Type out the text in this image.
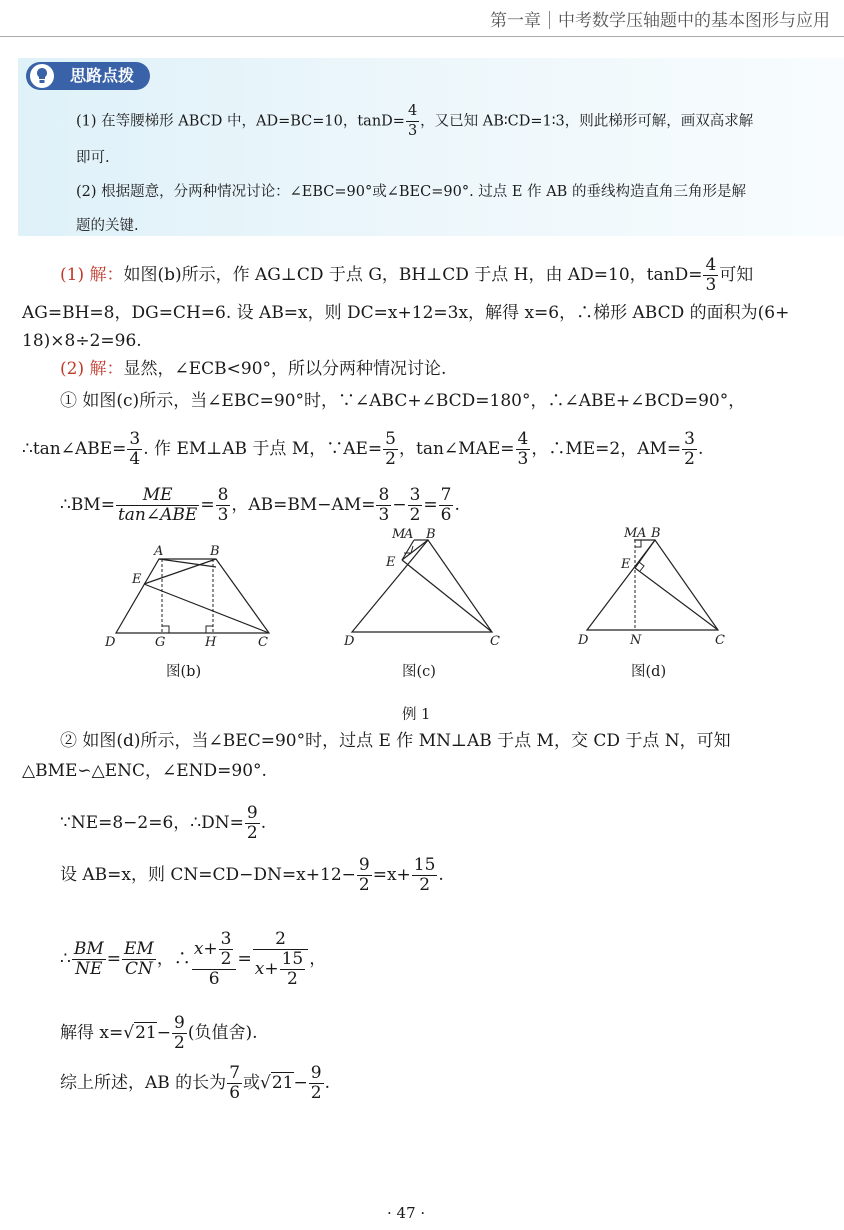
第一章 中考数学压轴题中的基本图形与应用
思路点拨
(1) 在等腰梯形 ABCD 中，AD=BC=10，$\tan D= \frac{4}{3}$ ，又已知 AB∶CD=1∶3，则此梯形可解，画双高求解
即可.
(2) 根据题意，分两种情况讨论：∠EBC=90°或∠BEC=90°. 过点 E 作 AB 的垂线构造直角三角形是解
题的关键.
(1) 解：如图(b)所示，作 AG⊥CD 于点 G，BH⊥CD 于点 H，由 AD=10，$\tan D= \frac{4}{3}$ 可知
AG=BH=8，DG=CH=6. 设 AB=x，则 DC=x+12=3x，解得 x=6，∴梯形 ABCD 的面积为(6+
18)×8÷2=96.
(2) 解：显然，∠ECB<90°，所以分两种情况讨论.
① 如图(c)所示，当∠EBC=90°时，∵∠ABC+∠BCD=180°，∴∠ABE+∠BCD=90°，
∴tan∠ABE= $\frac{3}{4}$ . 作 EM⊥AB 于点 M，∵AE= $\frac{5}{2}$ ，tan∠MAE= $\frac{4}{3}$ ，∴ME=2，$AM= \frac{3}{2}$ .
∴BM= $\frac{ME}{\text{tan∠ABE}} = \frac{8}{3}$ ，$AB=BM-AM= \frac{8}{3} - \frac{3}{2} = \frac{7}{6}$ .
A	B
E
D	G	H	C
图(b)
M
A B
E
D	C
图(c)
M A B
E
D	N	C
图(d)
例 1
② 如图(d)所示，当∠BEC=90°时，过点 E 作 MN⊥AB 于点 M，交 CD 于点 N，可知
△BME∽△ENC，∠END=90°.
∵NE=8−2=6，∴DN= $\frac{9}{2}$ .
设 AB=x，则 $CN=CD-DN=x+12- \frac{9}{2} =x+ \frac{15}{2}$ .
∴ $\frac{BM}{NE} = \frac{EM}{CN}$ ，∴ $\frac{x+ \frac{3}{2}}{6} = \frac{2}{x+ \frac{15}{2}}$ ，
解得 $x=√21- \frac{9}{2}$ (负值舍).
综上所述，AB 的长为 $\frac{7}{6}$ 或$√21- \frac{9}{2}$ .
· 47 ·
